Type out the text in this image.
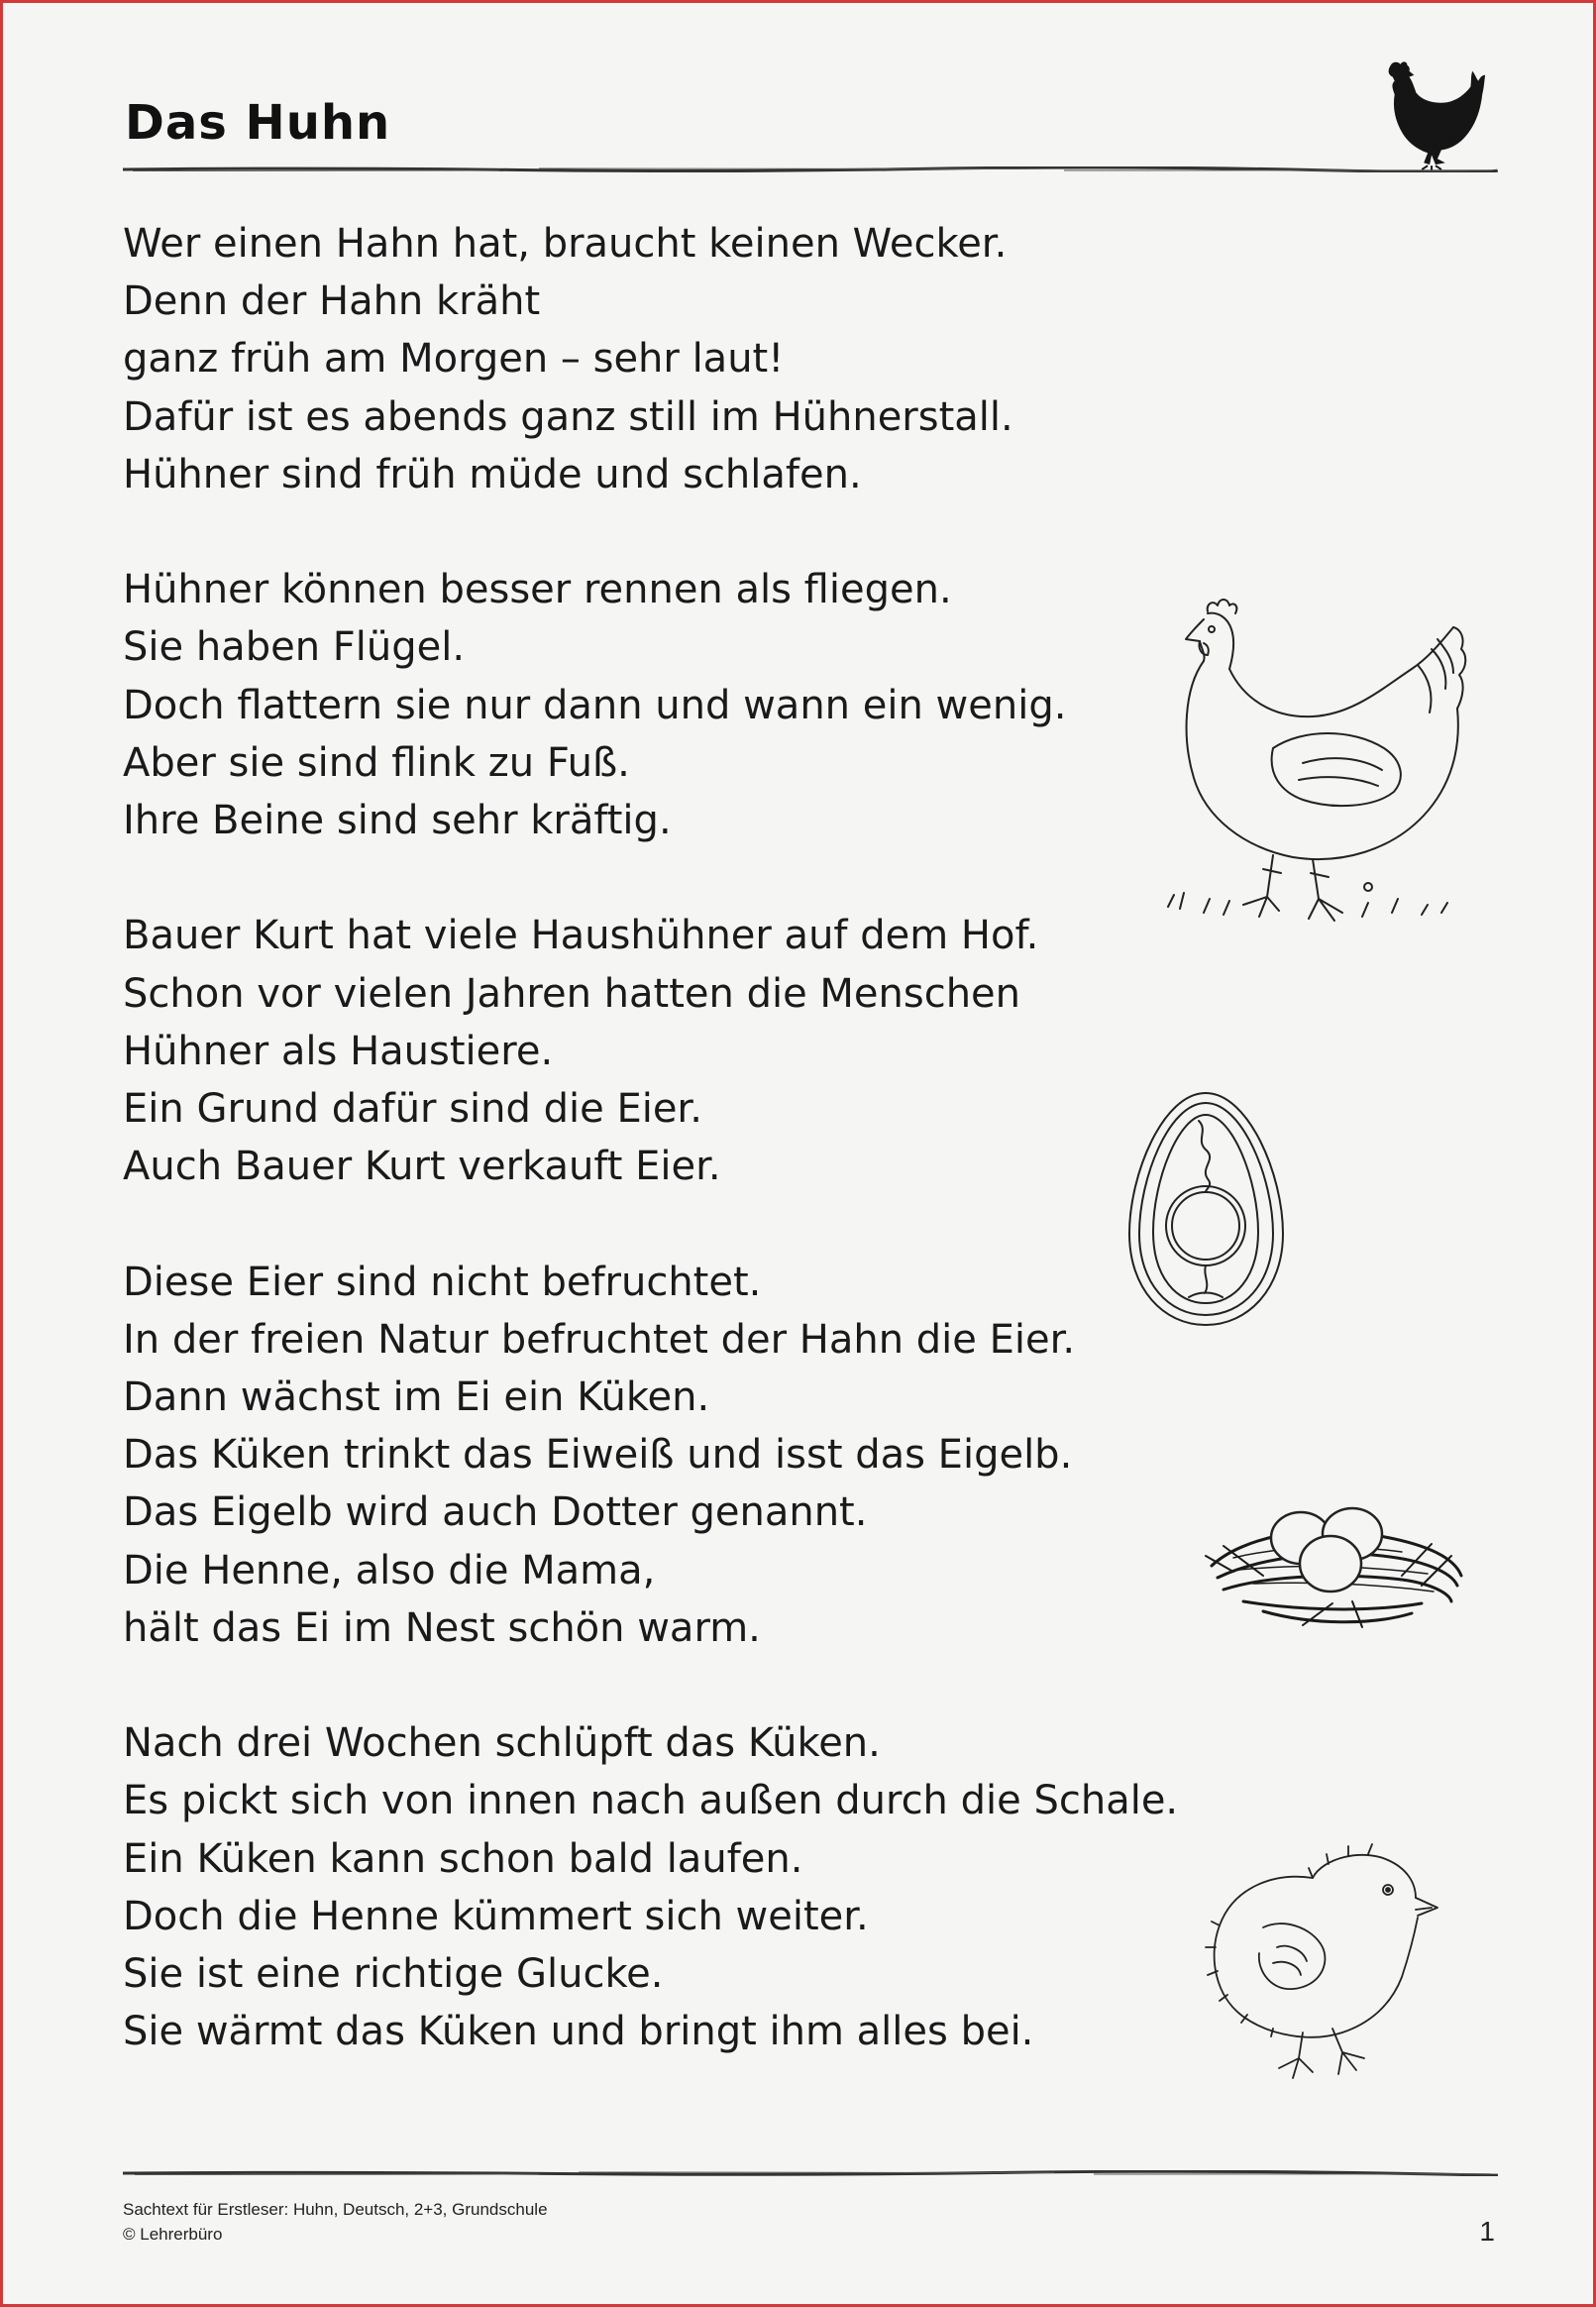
Das Huhn
Wer einen Hahn hat, braucht keinen Wecker.
Denn der Hahn kräht
ganz früh am Morgen – sehr laut!
Dafür ist es abends ganz still im Hühnerstall.
Hühner sind früh müde und schlafen.
Hühner können besser rennen als fliegen.
Sie haben Flügel.
Doch flattern sie nur dann und wann ein wenig.
Aber sie sind flink zu Fuß.
Ihre Beine sind sehr kräftig.
Bauer Kurt hat viele Haushühner auf dem Hof.
Schon vor vielen Jahren hatten die Menschen
Hühner als Haustiere.
Ein Grund dafür sind die Eier.
Auch Bauer Kurt verkauft Eier.
Diese Eier sind nicht befruchtet.
In der freien Natur befruchtet der Hahn die Eier.
Dann wächst im Ei ein Küken.
Das Küken trinkt das Eiweiß und isst das Eigelb.
Das Eigelb wird auch Dotter genannt.
Die Henne, also die Mama,
hält das Ei im Nest schön warm.
Nach drei Wochen schlüpft das Küken.
Es pickt sich von innen nach außen durch die Schale.
Ein Küken kann schon bald laufen.
Doch die Henne kümmert sich weiter.
Sie ist eine richtige Glucke.
Sie wärmt das Küken und bringt ihm alles bei.
Sachtext für Erstleser: Huhn, Deutsch, 2+3, Grundschule
© Lehrerbüro	1
